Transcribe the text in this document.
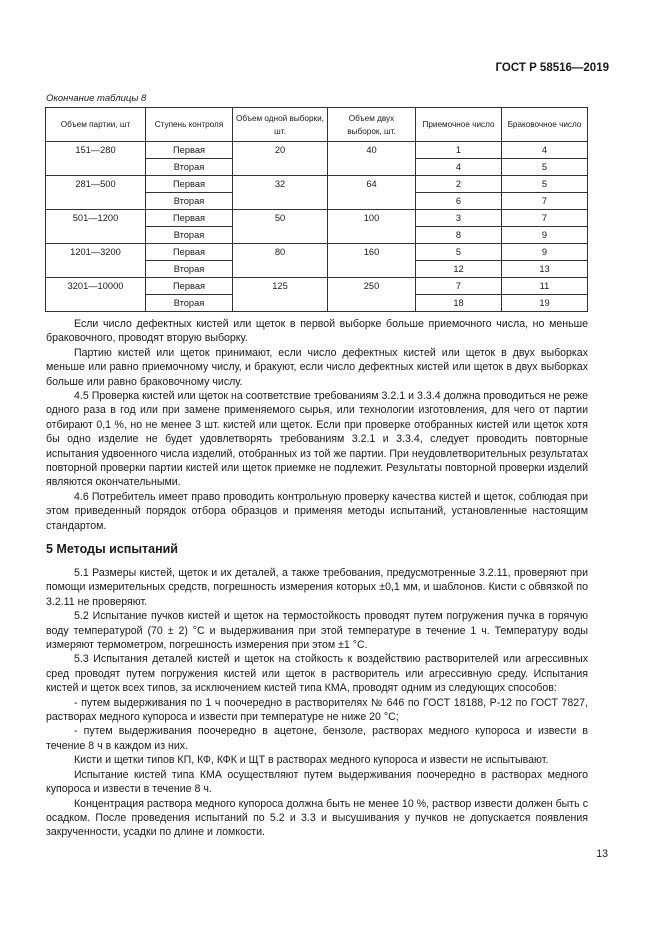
ГОСТ Р 58516—2019
Окончание таблицы 8
Объем партии, шт	Ступень контроля	Объем одной выборки, шт.	Объем двух выборок, шт.	Приемочное число	Браковочное число
151—280	Первая	20	40	1	4
	Вторая			4	5
281—500	Первая	32	64	2	5
	Вторая			6	7
501—1200	Первая	50	100	3	7
	Вторая			8	9
1201—3200	Первая	80	160	5	9
	Вторая			12	13
3201—10000	Первая	125	250	7	11
	Вторая			18	19

Если число дефектных кистей или щеток в первой выборке больше приемочного числа, но меньше браковочного, проводят вторую выборку.

Партию кистей или щеток принимают, если число дефектных кистей или щеток в двух выборках меньше или равно приемочному числу, и бракуют, если число дефектных кистей или щеток в двух выборках больше или равно браковочному числу.

4.5 Проверка кистей или щеток на соответствие требованиям 3.2.1 и 3.3.4 должна проводиться не реже одного раза в год или при замене применяемого сырья, или технологии изготовления, для чего от партии отбирают 0,1 %, но не менее 3 шт. кистей или щеток. Если при проверке отобранных кистей или щеток хотя бы одно изделие не будет удовлетворять требованиям 3.2.1 и 3.3.4, следует проводить повторные испытания удвоенного числа изделий, отобранных из той же партии. При неудовлетворительных результатах повторной проверки партии кистей или щеток приемке не подлежит. Результаты повторной проверки изделий являются окончательными.

4.6 Потребитель имеет право проводить контрольную проверку качества кистей и щеток, соблюдая при этом приведенный порядок отбора образцов и применяя методы испытаний, установленные настоящим стандартом.

5 Методы испытаний

5.1 Размеры кистей, щеток и их деталей, а также требования, предусмотренные 3.2.11, проверяют при помощи измерительных средств, погрешность измерения которых ±0,1 мм, и шаблонов. Кисти с обвязкой по 3.2.11 не проверяют.

5.2 Испытание пучков кистей и щеток на термостойкость проводят путем погружения пучка в горячую воду температурой (70 ± 2) °С и выдерживания при этой температуре в течение 1 ч. Температуру воды измеряют термометром, погрешность измерения при этом ±1 °С.

5.3 Испытания деталей кистей и щеток на стойкость к воздействию растворителей или агрессивных сред проводят путем погружения кистей или щеток в растворитель или агрессивную среду. Испытания кистей и щеток всех типов, за исключением кистей типа КМА, проводят одним из следующих способов:

- путем выдерживания по 1 ч поочередно в растворителях № 646 по ГОСТ 18188, Р-12 по ГОСТ 7827, растворах медного купороса и извести при температуре не ниже 20 °С;

- путем выдерживания поочередно в ацетоне, бензоле, растворах медного купороса и извести в течение 8 ч в каждом из них.

Кисти и щетки типов КП, КФ, КФК и ЩТ в растворах медного купороса и извести не испытывают.

Испытание кистей типа КМА осуществляют путем выдерживания поочередно в растворах медного купороса и извести в течение 8 ч.

Концентрация раствора медного купороса должна быть не менее 10 %, раствор извести должен быть с осадком. После проведения испытаний по 5.2 и 3.3 и высушивания у пучков не допускается появления закрученности, усадки по длине и ломкости.

13
